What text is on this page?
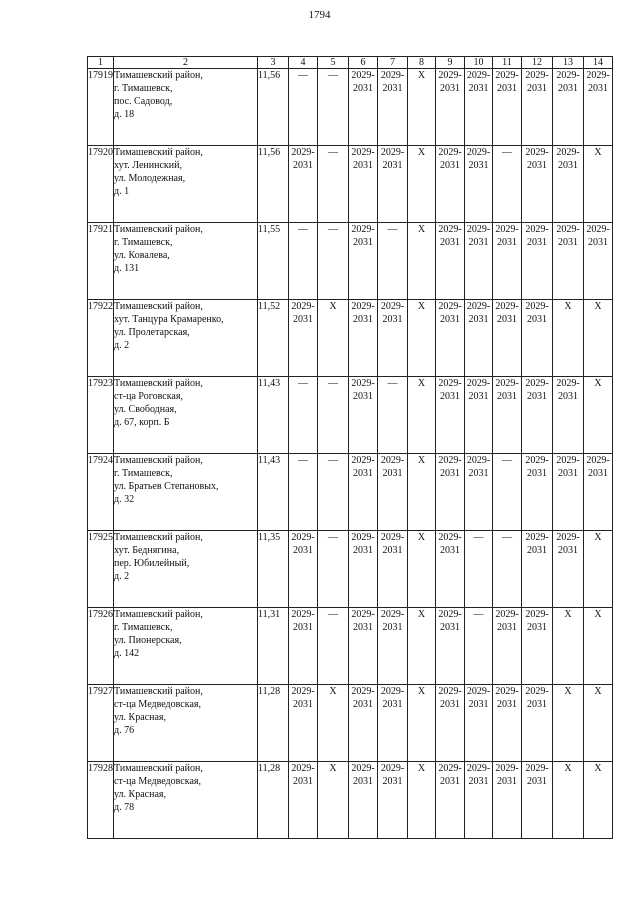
1794
1	2	3	4	5	6	7	8	9	10	11	12	13	14
17919	Тимашевский район,
г. Тимашевск,
пос. Садовод,
д. 18	11,56	—	—	2029-2031	2029-2031	X	2029-2031	2029-2031	2029-2031	2029-2031	2029-2031	2029-2031

17920	Тимашевский район,
хут. Ленинский,
ул. Молодежная,
д. 1	11,56	2029-2031	—	2029-2031	2029-2031	X	2029-2031	2029-2031	—	2029-2031	2029-2031	X

17921	Тимашевский район,
г. Тимашевск,
ул. Ковалева,
д. 131	11,55	—	—	2029-2031	—	X	2029-2031	2029-2031	2029-2031	2029-2031	2029-2031	2029-2031

17922	Тимашевский район,
хут. Танцура Крамаренко,
ул. Пролетарская,
д. 2	11,52	2029-2031	X	2029-2031	2029-2031	X	2029-2031	2029-2031	2029-2031	2029-2031	X	X

17923	Тимашевский район,
ст-ца Роговская,
ул. Свободная,
д. 67, корп. Б	11,43	—	—	2029-2031	—	X	2029-2031	2029-2031	2029-2031	2029-2031	2029-2031	X

17924	Тимашевский район,
г. Тимашевск,
ул. Братьев Степановых,
д. 32	11,43	—	—	2029-2031	2029-2031	X	2029-2031	2029-2031	—	2029-2031	2029-2031	2029-2031

17925	Тимашевский район,
хут. Беднягина,
пер. Юбилейный,
д. 2	11,35	2029-2031	—	2029-2031	2029-2031	X	2029-2031	—	—	2029-2031	2029-2031	X

17926	Тимашевский район,
г. Тимашевск,
ул. Пионерская,
д. 142	11,31	2029-2031	—	2029-2031	2029-2031	X	2029-2031	—	2029-2031	2029-2031	X	X

17927	Тимашевский район,
ст-ца Медведовская,
ул. Красная,
д. 76	11,28	2029-2031	X	2029-2031	2029-2031	X	2029-2031	2029-2031	2029-2031	2029-2031	X	X

17928	Тимашевский район,
ст-ца Медведовская,
ул. Красная,
д. 78	11,28	2029-2031	X	2029-2031	2029-2031	X	2029-2031	2029-2031	2029-2031	2029-2031	X	X
